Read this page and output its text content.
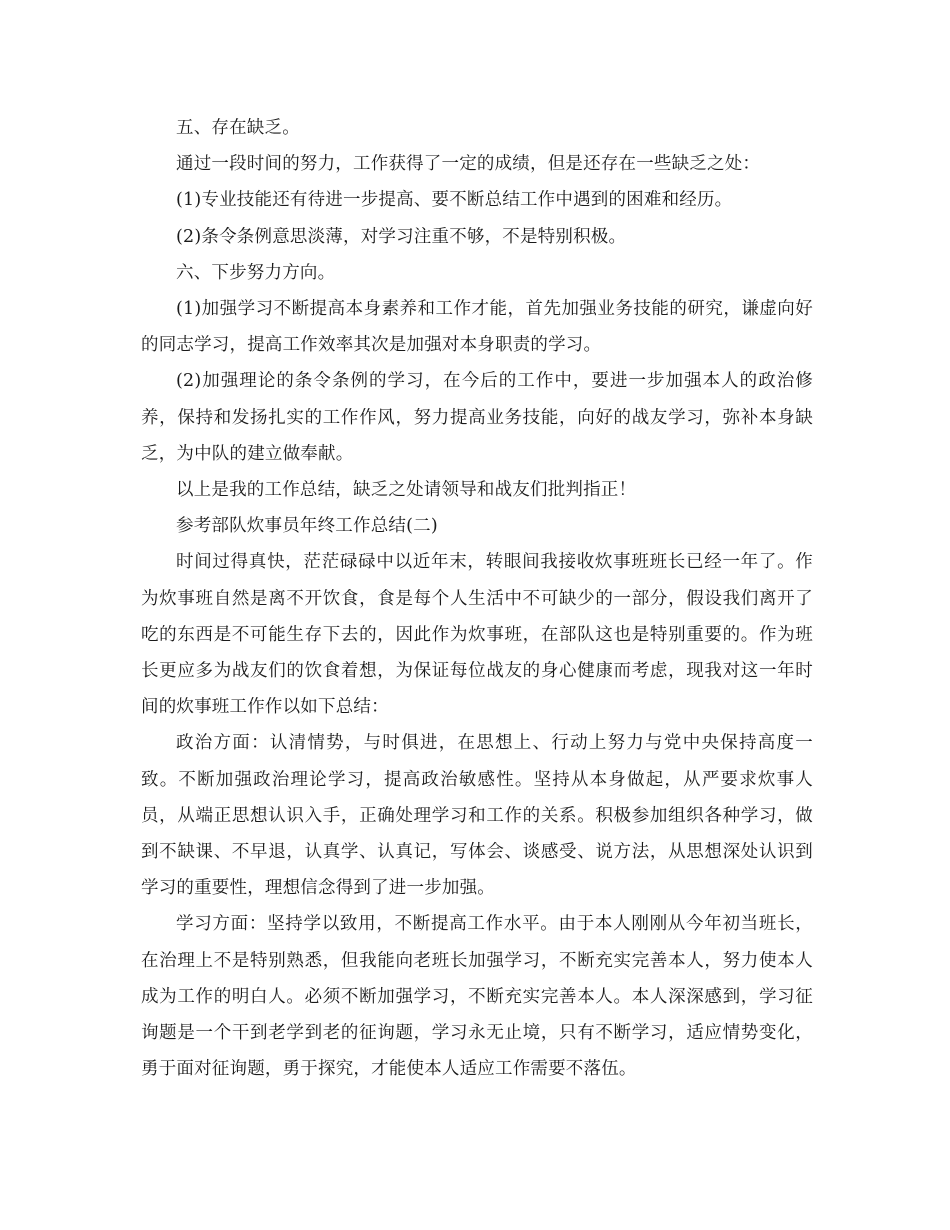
五、存在缺乏。

通过一段时间的努力，工作获得了一定的成绩，但是还存在一些缺乏之处：

(1)专业技能还有待进一步提高、要不断总结工作中遇到的困难和经历。

(2)条令条例意思淡薄，对学习注重不够，不是特别积极。

六、下步努力方向。

(1)加强学习不断提高本身素养和工作才能，首先加强业务技能的研究，谦虚向好的同志学习，提高工作效率其次是加强对本身职责的学习。

(2)加强理论的条令条例的学习，在今后的工作中，要进一步加强本人的政治修养，保持和发扬扎实的工作作风，努力提高业务技能，向好的战友学习，弥补本身缺乏，为中队的建立做奉献。

以上是我的工作总结，缺乏之处请领导和战友们批判指正！

参考部队炊事员年终工作总结(二)

时间过得真快，茫茫碌碌中以近年末，转眼间我接收炊事班班长已经一年了。作为炊事班自然是离不开饮食，食是每个人生活中不可缺少的一部分，假设我们离开了吃的东西是不可能生存下去的，因此作为炊事班，在部队这也是特别重要的。作为班长更应多为战友们的饮食着想，为保证每位战友的身心健康而考虑，现我对这一年时间的炊事班工作作以如下总结：

政治方面：认清情势，与时俱进，在思想上、行动上努力与党中央保持高度一致。不断加强政治理论学习，提高政治敏感性。坚持从本身做起，从严要求炊事人员，从端正思想认识入手，正确处理学习和工作的关系。积极参加组织各种学习，做到不缺课、不早退，认真学、认真记，写体会、谈感受、说方法，从思想深处认识到学习的重要性，理想信念得到了进一步加强。

学习方面：坚持学以致用，不断提高工作水平。由于本人刚刚从今年初当班长，在治理上不是特别熟悉，但我能向老班长加强学习，不断充实完善本人，努力使本人成为工作的明白人。必须不断加强学习，不断充实完善本人。本人深深感到，学习征询题是一个干到老学到老的征询题，学习永无止境，只有不断学习，适应情势变化，勇于面对征询题，勇于探究，才能使本人适应工作需要不落伍。
